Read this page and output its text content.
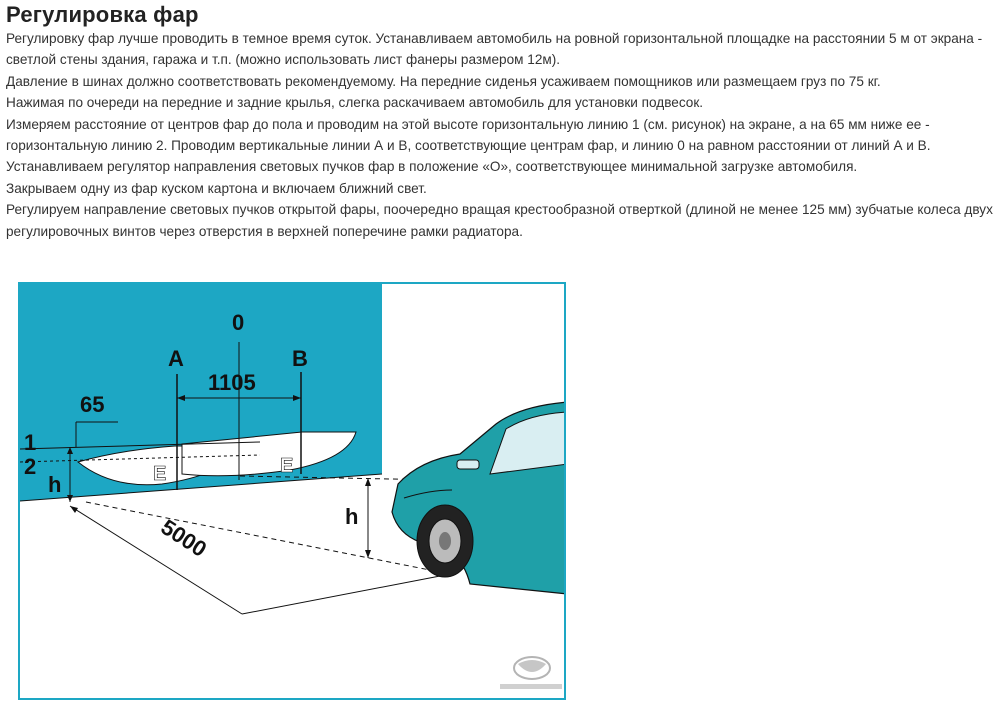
Регулировка фар

Регулировку фар лучше проводить в темное время суток. Устанавливаем автомобиль на ровной горизонтальной площадке на расстоянии 5 м от экрана - светлой стены здания, гаража и т.п. (можно использовать лист фанеры размером 12м).

Давление в шинах должно соответствовать рекомендуемому. На передние сиденья усаживаем помощников или размещаем груз по 75 кг.

Нажимая по очереди на передние и задние крылья, слегка раскачиваем автомобиль для установки подвесок.

Измеряем расстояние от центров фар до пола и проводим на этой высоте горизонтальную линию 1 (см. рисунок) на экране, а на 65 мм ниже ее - горизонтальную линию 2. Проводим вертикальные линии А и В, соответствующие центрам фар, и линию 0 на равном расстоянии от линий А и В.

Устанавливаем регулятор направления световых пучков фар в положение «О», соответствующее минимальной загрузке автомобиля.

Закрываем одну из фар куском картона и включаем ближний свет.

Регулируем направление световых пучков открытой фары, поочередно вращая крестообразной отверткой (длиной не менее 125 мм) зубчатые колеса двух регулировочных винтов через отверстия в верхней поперечине рамки радиатора.

0
A	B
1105
65
1
2
h	E	E
h
5000
